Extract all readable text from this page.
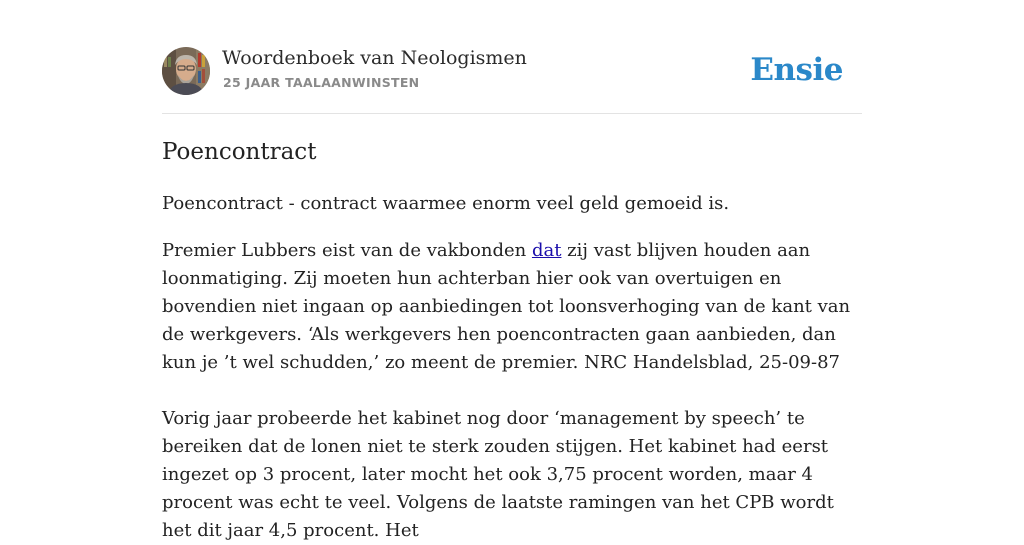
Woordenboek van Neologismen
25 JAAR TAALAANWINSTEN	Ensie
Poencontract

Poencontract - contract waarmee enorm veel geld gemoeid is.

Premier Lubbers eist van de vakbonden dat zij vast blijven houden aan loonmatiging. Zij moeten hun achterban hier ook van overtuigen en bovendien niet ingaan op aanbiedingen tot loonsverhoging van de kant van de werkgevers. ‘Als werkgevers hen poencontracten gaan aanbieden, dan kun je ’t wel schudden,’ zo meent de premier. NRC Handelsblad, 25-09-87

Vorig jaar probeerde het kabinet nog door ‘management by speech’ te bereiken dat de lonen niet te sterk zouden stijgen. Het kabinet had eerst ingezet op 3 procent, later mocht het ook 3,75 procent worden, maar 4 procent was echt te veel. Volgens de laatste ramingen van het CPB wordt het dit jaar 4,5 procent. Het
